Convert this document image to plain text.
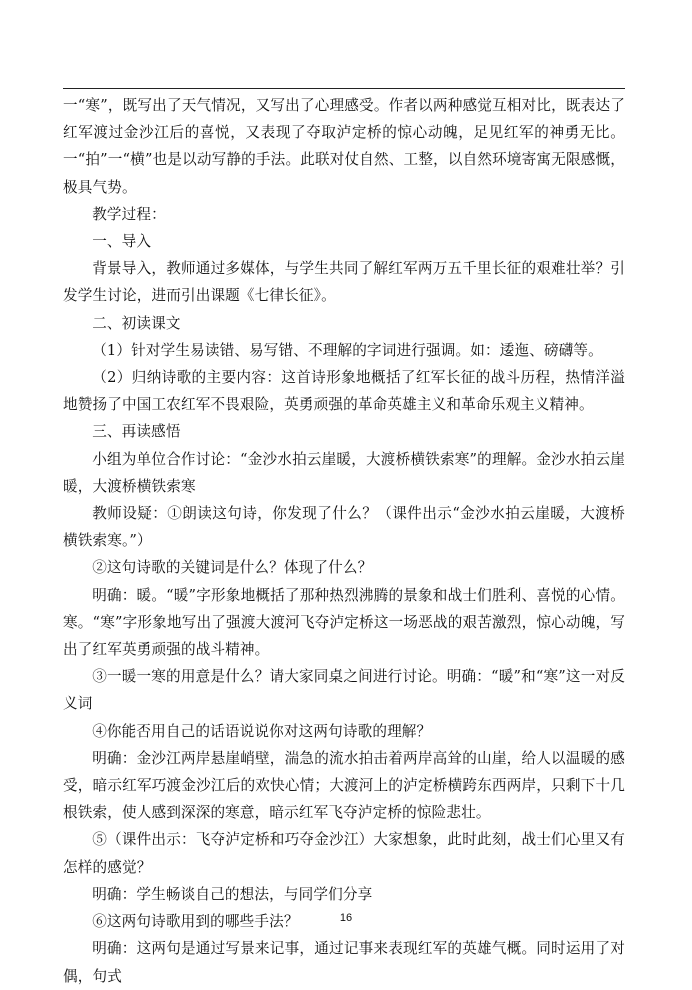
一“寒”，既写出了天气情况，又写出了心理感受。作者以两种感觉互相对比，既表达了红军渡过金沙江后的喜悦，又表现了夺取泸定桥的惊心动魄，足见红军的神勇无比。一“拍”一“横”也是以动写静的手法。此联对仗自然、工整，以自然环境寄寓无限感慨，极具气势。

教学过程：

一、导入

背景导入，教师通过多媒体，与学生共同了解红军两万五千里长征的艰难壮举？引发学生讨论，进而引出课题《七律长征》。

二、初读课文

（1）针对学生易读错、易写错、不理解的字词进行强调。如：逶迤、磅礴等。

（2）归纳诗歌的主要内容：这首诗形象地概括了红军长征的战斗历程，热情洋溢地赞扬了中国工农红军不畏艰险，英勇顽强的革命英雄主义和革命乐观主义精神。

三、再读感悟

小组为单位合作讨论：“金沙水拍云崖暖，大渡桥横铁索寒”的理解。金沙水拍云崖暖，大渡桥横铁索寒

教师设疑：①朗读这句诗，你发现了什么？（课件出示“金沙水拍云崖暖，大渡桥横铁索寒。”）

②这句诗歌的关键词是什么？体现了什么？

明确：暖。“暖”字形象地概括了那种热烈沸腾的景象和战士们胜利、喜悦的心情。寒。“寒”字形象地写出了强渡大渡河飞夺泸定桥这一场恶战的艰苦激烈，惊心动魄，写出了红军英勇顽强的战斗精神。

③一暖一寒的用意是什么？请大家同桌之间进行讨论。明确：“暖”和“寒”这一对反义词

④你能否用自己的话语说说你对这两句诗歌的理解？

明确：金沙江两岸悬崖峭壁，湍急的流水拍击着两岸高耸的山崖，给人以温暖的感受，暗示红军巧渡金沙江后的欢快心情；大渡河上的泸定桥横跨东西两岸，只剩下十几根铁索，使人感到深深的寒意，暗示红军飞夺泸定桥的惊险悲壮。

⑤（课件出示：飞夺泸定桥和巧夺金沙江）大家想象，此时此刻，战士们心里又有怎样的感觉？

明确：学生畅谈自己的想法，与同学们分享

⑥这两句诗歌用到的哪些手法？

明确：这两句是通过写景来记事，通过记事来表现红军的英雄气概。同时运用了对偶，句式

16
